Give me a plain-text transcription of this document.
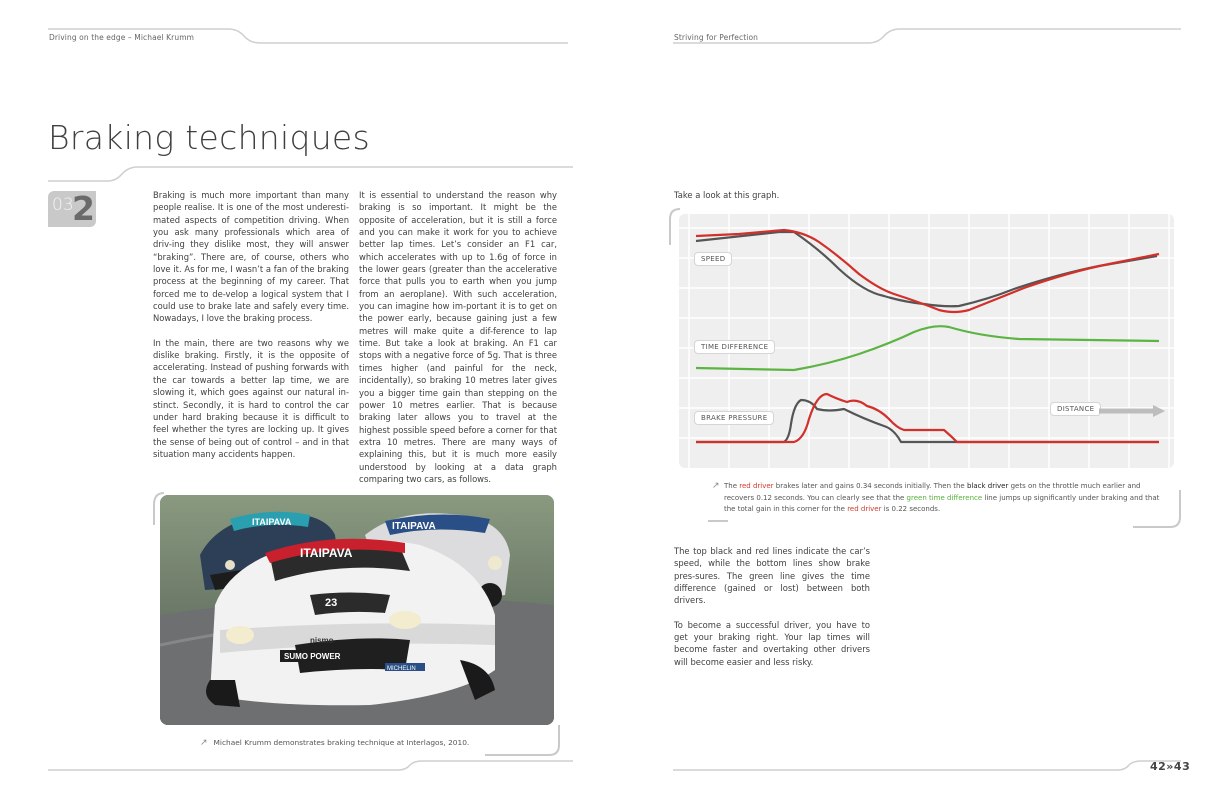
Driving on the edge – Michael Krumm
Braking techniques
03
2	Braking is much more important than many people realise. It is one of the most underesti-mated aspects of competition driving. When you ask many professionals which area of driv-ing they dislike most, they will answer “braking”. There are, of course, others who love it. As for me, I wasn’t a fan of the braking process at the beginning of my career. That forced me to de-velop a logical system that I could use to brake late and safely every time. Nowadays, I love the braking process.

In the main, there are two reasons why we dislike braking. Firstly, it is the opposite of accelerating. Instead of pushing forwards with the car towards a better lap time, we are slowing it, which goes against our natural in-stinct. Secondly, it is hard to control the car under hard braking because it is difficult to feel whether the tyres are locking up. It gives the sense of being out of control – and in that situation many accidents happen.

It is essential to understand the reason why braking is so important. It might be the opposite of acceleration, but it is still a force and you can make it work for you to achieve better lap times. Let’s consider an F1 car, which accelerates with up to 1.6g of force in the lower gears (greater than the accelerative force that pulls you to earth when you jump from an aeroplane). With such acceleration, you can imagine how im-portant it is to get on the power early, because gaining just a few metres will make quite a dif-ference to lap time. But take a look at braking. An F1 car stops with a negative force of 5g. That is three times higher (and painful for the neck, incidentally), so braking 10 metres later gives you a bigger time gain than stepping on the power 10 metres earlier. That is because braking later allows you to travel at the highest possible speed before a corner for that extra 10 metres. There are many ways of explaining this, but it is much more easily understood by looking at a data graph comparing two cars, as follows.

ITAIPAVA	ITAIPAVA
ITAIPAVA
23
nismo
SUMO POWER
MICHELIN
↗ Michael Krumm demonstrates braking technique at Interlagos, 2010.
Striving for Perfection
Take a look at this graph.
SPEED
TIME DIFFERENCE
BRAKE PRESSURE
DISTANCE
↗ The red driver brakes later and gains 0.34 seconds initially. Then the black driver gets on the throttle much earlier and recovers 0.12 seconds. You can clearly see that the green time difference line jumps up significantly under braking and that the total gain in this corner for the red driver is 0.22 seconds.

The top black and red lines indicate the car’s speed, while the bottom lines show brake pres-sures. The green line gives the time difference (gained or lost) between both drivers.

To become a successful driver, you have to get your braking right. Your lap times will become faster and overtaking other drivers will become easier and less risky.

42»43
